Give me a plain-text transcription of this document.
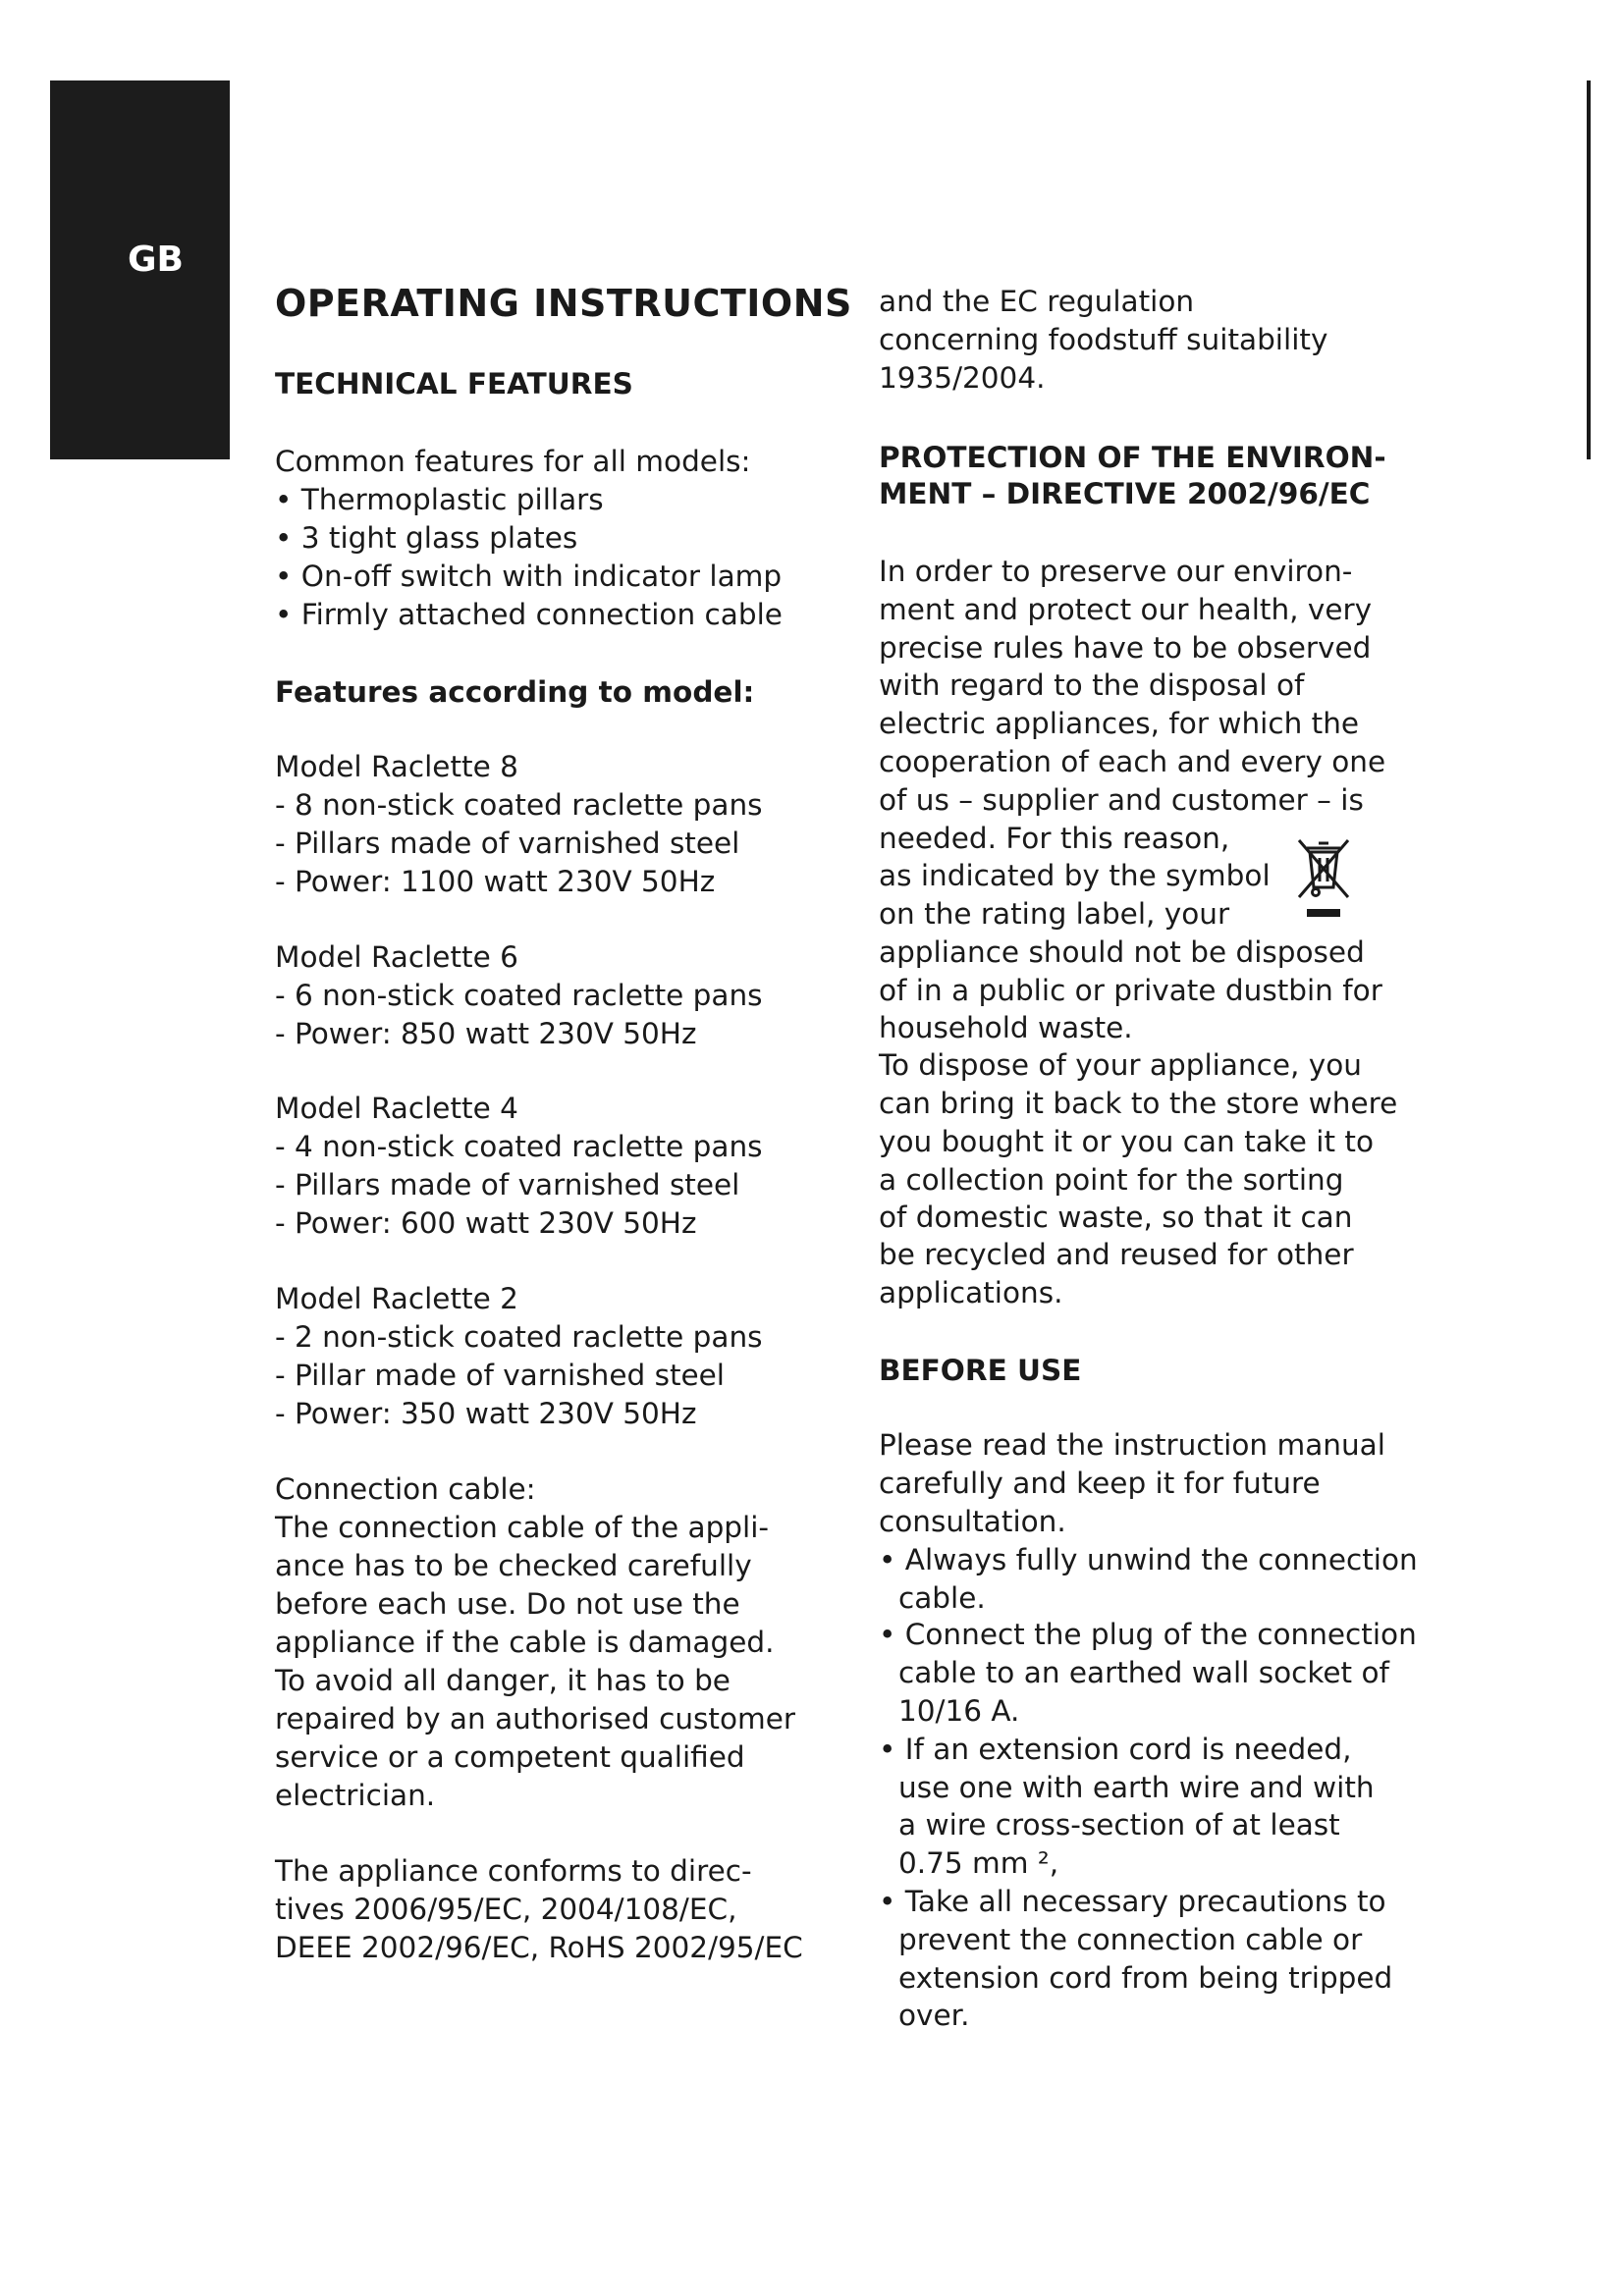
GB
OPERATING INSTRUCTIONS
TECHNICAL FEATURES
Common features for all models:
• Thermoplastic pillars
• 3 tight glass plates
• On-off switch with indicator lamp
• Firmly attached connection cable
Features according to model:
Model Raclette 8
- 8 non-stick coated raclette pans
- Pillars made of varnished steel
- Power: 1100 watt 230V 50Hz
Model Raclette 6
- 6 non-stick coated raclette pans
- Power: 850 watt 230V 50Hz
Model Raclette 4
- 4 non-stick coated raclette pans
- Pillars made of varnished steel
- Power: 600 watt 230V 50Hz
Model Raclette 2
- 2 non-stick coated raclette pans
- Pillar made of varnished steel
- Power: 350 watt 230V 50Hz
Connection cable:
The connection cable of the appli-
ance has to be checked carefully
before each use. Do not use the
appliance if the cable is damaged.
To avoid all danger, it has to be
repaired by an authorised customer
service or a competent qualified
electrician.
The appliance conforms to direc-
tives 2006/95/EC, 2004/108/EC,
DEEE 2002/96/EC, RoHS 2002/95/EC
and the EC regulation
concerning foodstuff suitability
1935/2004.
PROTECTION OF THE ENVIRON-
MENT – DIRECTIVE 2002/96/EC
In order to preserve our environ-
ment and protect our health, very
precise rules have to be observed
with regard to the disposal of
electric appliances, for which the
cooperation of each and every one
of us – supplier and customer – is
needed. For this reason,
as indicated by the symbol
on the rating label, your
appliance should not be disposed
of in a public or private dustbin for
household waste.
To dispose of your appliance, you
can bring it back to the store where
you bought it or you can take it to
a collection point for the sorting
of domestic waste, so that it can
be recycled and reused for other
applications.
BEFORE USE
Please read the instruction manual
carefully and keep it for future
consultation.
• Always fully unwind the connection
cable.
• Connect the plug of the connection
cable to an earthed wall socket of
10/16 A.
• If an extension cord is needed,
use one with earth wire and with
a wire cross-section of at least
0.75 mm ²,
• Take all necessary precautions to
prevent the connection cable or
extension cord from being tripped
over.
